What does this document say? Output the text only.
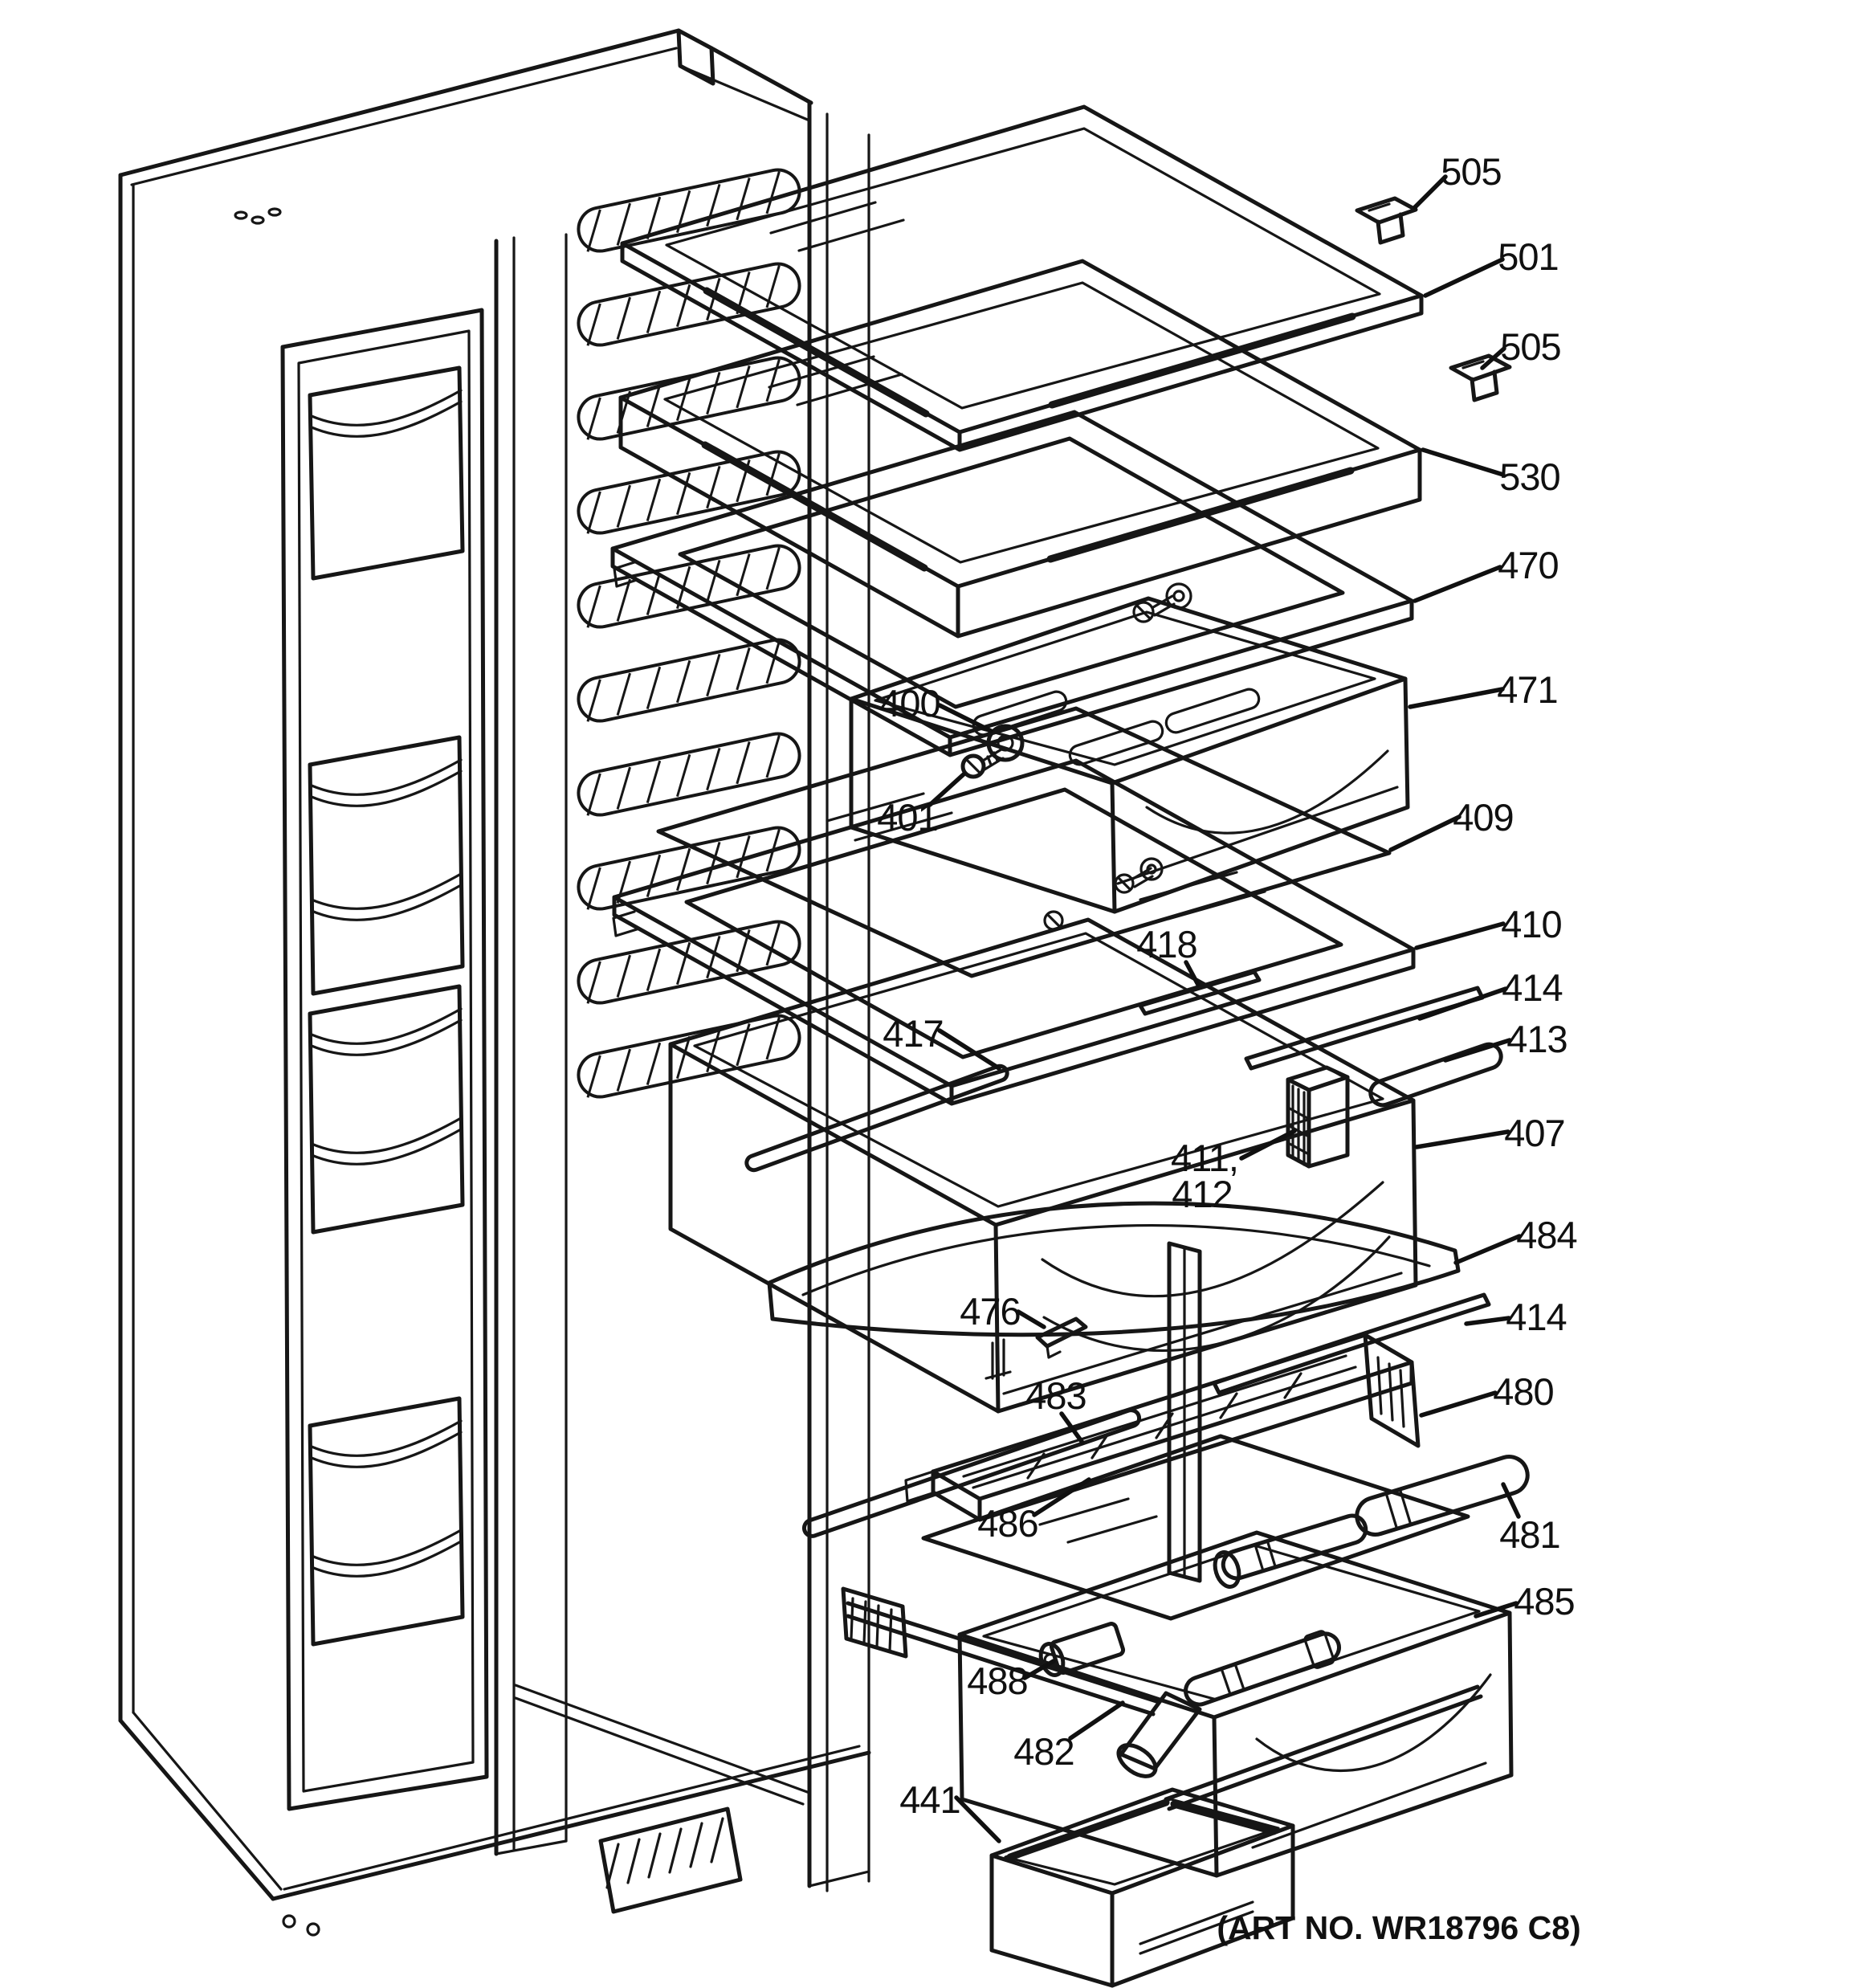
505
501
505
530
470
471
409
410
414
413
407
484
414
480
481
485
400
401
418
417
411,
412
476
483
486
488
482
441
(ART NO. WR18796 C8)
